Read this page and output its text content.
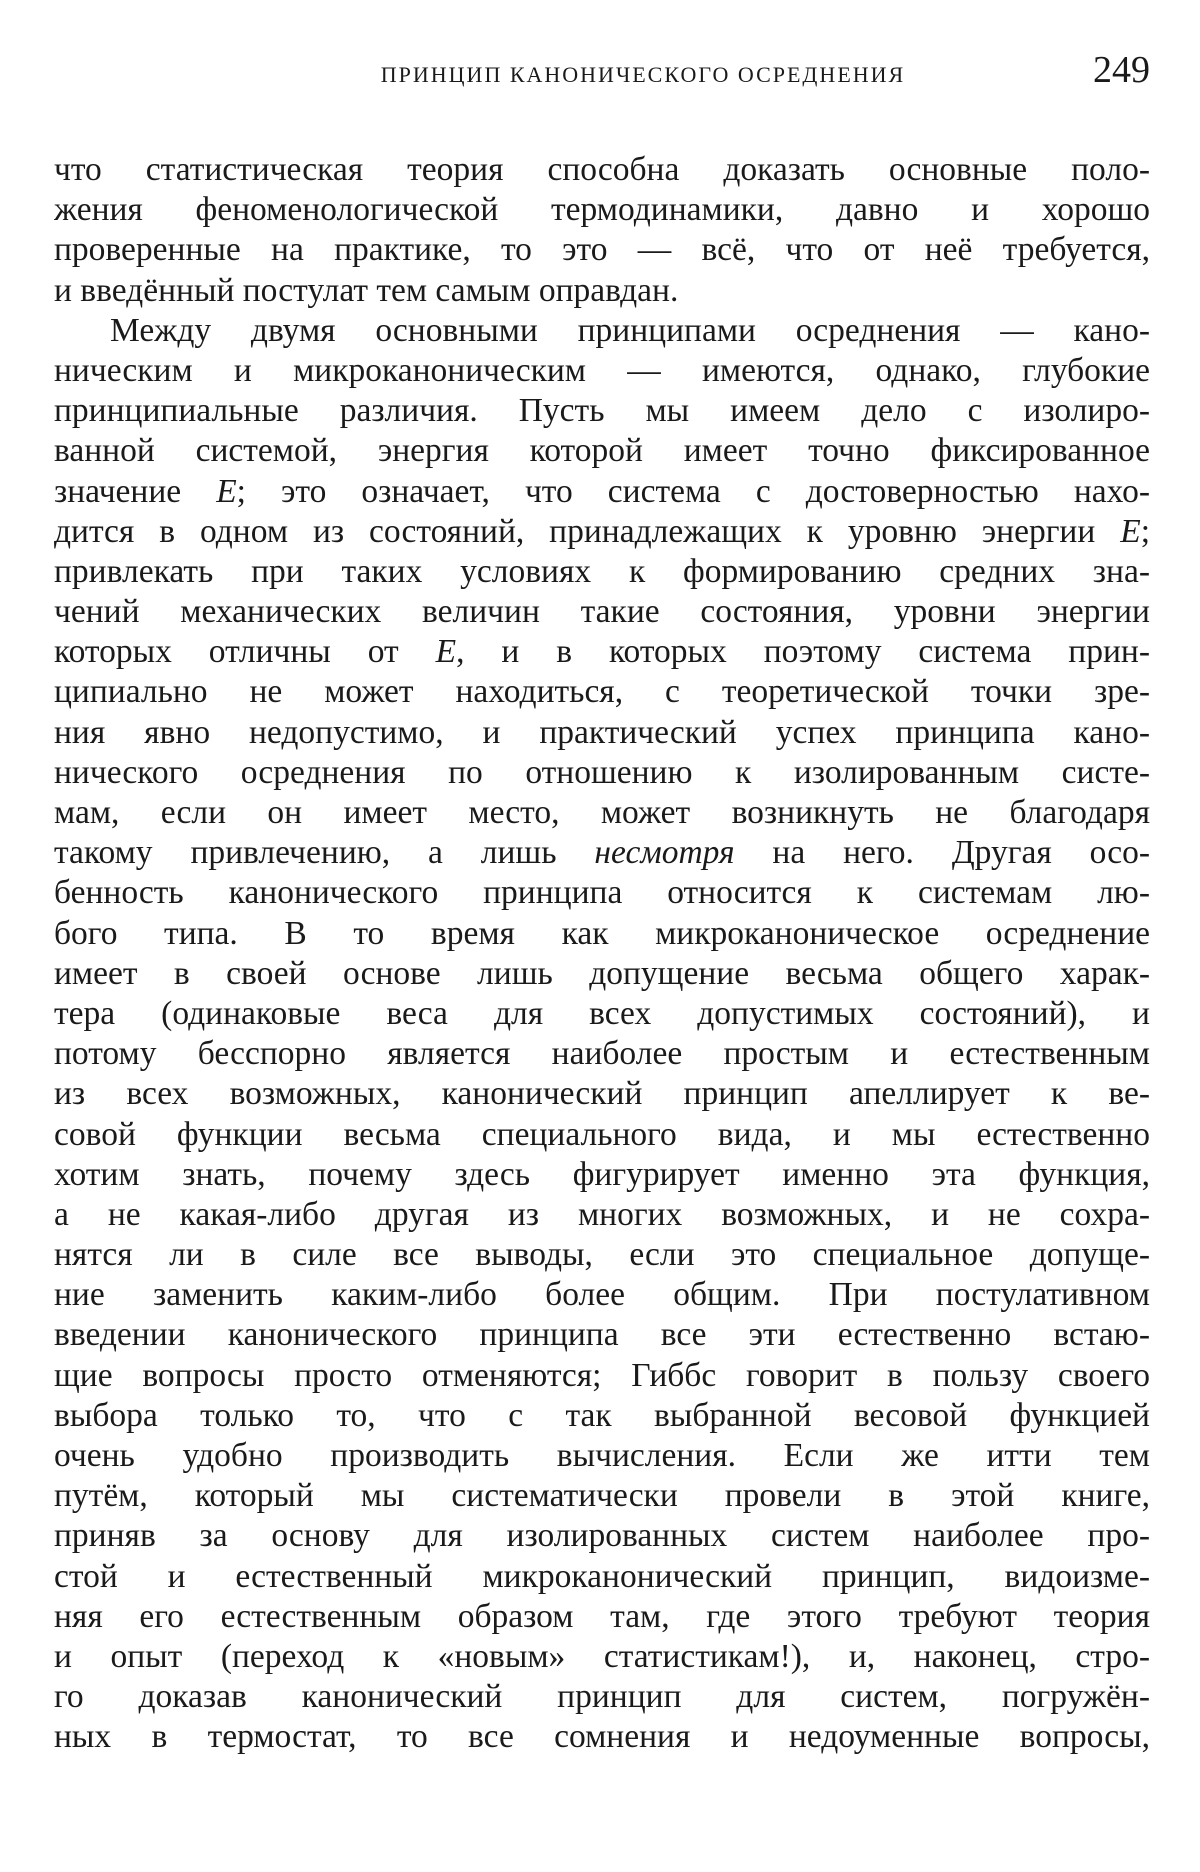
ПРИНЦИП КАНОНИЧЕСКОГО ОСРЕДНЕНИЯ	249
что статистическая теория способна доказать основные поло-
жения феноменологической термодинамики, давно и хорошо
проверенные на практике, то это — всё, что от неё требуется,
и введённый постулат тем самым оправдан.
Между двумя основными принципами осреднения — кано-
ническим и микроканоническим — имеются, однако, глубокие
принципиальные различия. Пусть мы имеем дело с изолиро-
ванной системой, энергия которой имеет точно фиксированное
значение E; это означает, что система с достоверностью нахо-
дится в одном из состояний, принадлежащих к уровню энергии E;
привлекать при таких условиях к формированию средних зна-
чений механических величин такие состояния, уровни энергии
которых отличны от E, и в которых поэтому система прин-
ципиально не может находиться, с теоретической точки зре-
ния явно недопустимо, и практический успех принципа кано-
нического осреднения по отношению к изолированным систе-
мам, если он имеет место, может возникнуть не благодаря
такому привлечению, а лишь несмотря на него. Другая осо-
бенность канонического принципа относится к системам лю-
бого типа. В то время как микроканоническое осреднение
имеет в своей основе лишь допущение весьма общего харак-
тера (одинаковые веса для всех допустимых состояний), и
потому бесспорно является наиболее простым и естественным
из всех возможных, канонический принцип апеллирует к ве-
совой функции весьма специального вида, и мы естественно
хотим знать, почему здесь фигурирует именно эта функция,
а не какая-либо другая из многих возможных, и не сохра-
нятся ли в силе все выводы, если это специальное допуще-
ние заменить каким-либо более общим. При постулативном
введении канонического принципа все эти естественно встаю-
щие вопросы просто отменяются; Гиббс говорит в пользу своего
выбора только то, что с так выбранной весовой функцией
очень удобно производить вычисления. Если же итти тем
путём, который мы систематически провели в этой книге,
приняв за основу для изолированных систем наиболее про-
стой и естественный микроканонический принцип, видоизме-
няя его естественным образом там, где этого требуют теория
и опыт (переход к «новым» статистикам!), и, наконец, стро-
го доказав канонический принцип для систем, погружён-
ных в термостат, то все сомнения и недоуменные вопросы,
